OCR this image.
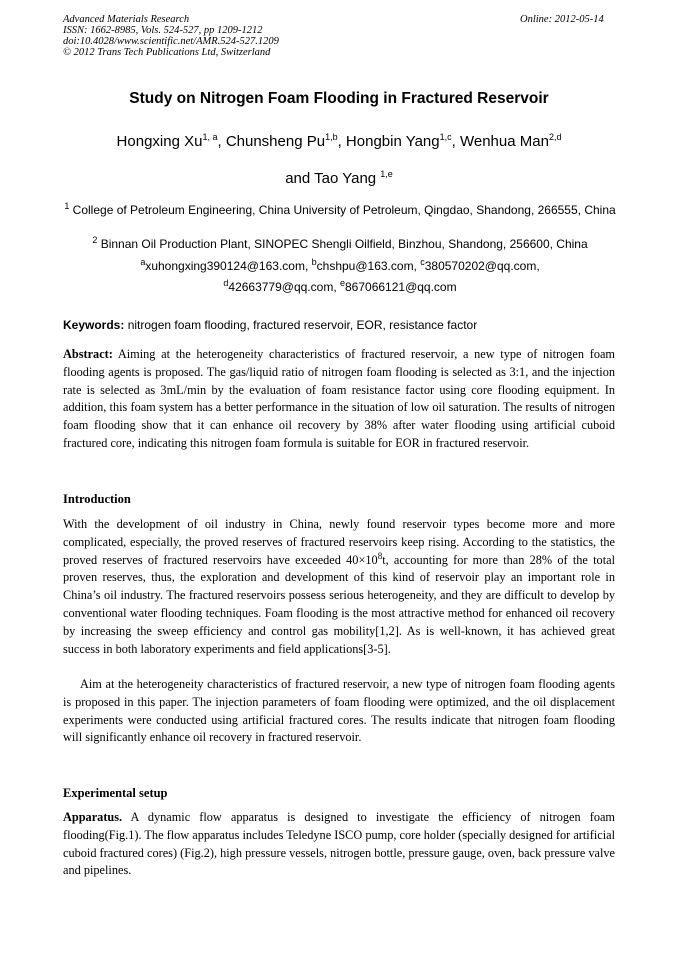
Advanced Materials Research
ISSN: 1662-8985, Vols. 524-527, pp 1209-1212
doi:10.4028/www.scientific.net/AMR.524-527.1209
© 2012 Trans Tech Publications Ltd, Switzerland
Online: 2012-05-14
Study on Nitrogen Foam Flooding in Fractured Reservoir
Hongxing Xu$^{1, a}$, Chunsheng Pu$^{1,b}$, Hongbin Yang$^{1,c}$, Wenhua Man$^{2,d}$
and Tao Yang $^{1,e}$
$^1$ College of Petroleum Engineering, China University of Petroleum, Qingdao, Shandong, 266555, China
$^2$ Binnan Oil Production Plant, SINOPEC Shengli Oilfield, Binzhou, Shandong, 256600, China
$^a$xuhongxing390124@163.com, $^b$chshpu@163.com, $^c$380570202@qq.com,
$^d$42663779@qq.com, $^e$867066121@qq.com
Keywords: nitrogen foam flooding, fractured reservoir, EOR, resistance factor
Abstract: Aiming at the heterogeneity characteristics of fractured reservoir, a new type of nitrogen foam flooding agents is proposed. The gas/liquid ratio of nitrogen foam flooding is selected as 3:1, and the injection rate is selected as 3mL/min by the evaluation of foam resistance factor using core flooding equipment. In addition, this foam system has a better performance in the situation of low oil saturation. The results of nitrogen foam flooding show that it can enhance oil recovery by 38% after water flooding using artificial cuboid fractured core, indicating this nitrogen foam formula is suitable for EOR in fractured reservoir.
Introduction
With the development of oil industry in China, newly found reservoir types become more and more complicated, especially, the proved reserves of fractured reservoirs keep rising. According to the statistics, the proved reserves of fractured reservoirs have exceeded $40\times 10^8t$, accounting for more than 28% of the total proven reserves, thus, the exploration and development of this kind of reservoir play an important role in China’s oil industry. The fractured reservoirs possess serious heterogeneity, and they are difficult to develop by conventional water flooding techniques. Foam flooding is the most attractive method for enhanced oil recovery by increasing the sweep efficiency and control gas mobility[1,2]. As is well-known, it has achieved great success in both laboratory experiments and field applications[3-5].
Aim at the heterogeneity characteristics of fractured reservoir, a new type of nitrogen foam flooding agents is proposed in this paper. The injection parameters of foam flooding were optimized, and the oil displacement experiments were conducted using artificial fractured cores. The results indicate that nitrogen foam flooding will significantly enhance oil recovery in fractured reservoir.
Experimental setup
Apparatus. A dynamic flow apparatus is designed to investigate the efficiency of nitrogen foam flooding(Fig.1). The flow apparatus includes Teledyne ISCO pump, core holder (specially designed for artificial cuboid fractured cores) (Fig.2), high pressure vessels, nitrogen bottle, pressure gauge, oven, back pressure valve and pipelines.
